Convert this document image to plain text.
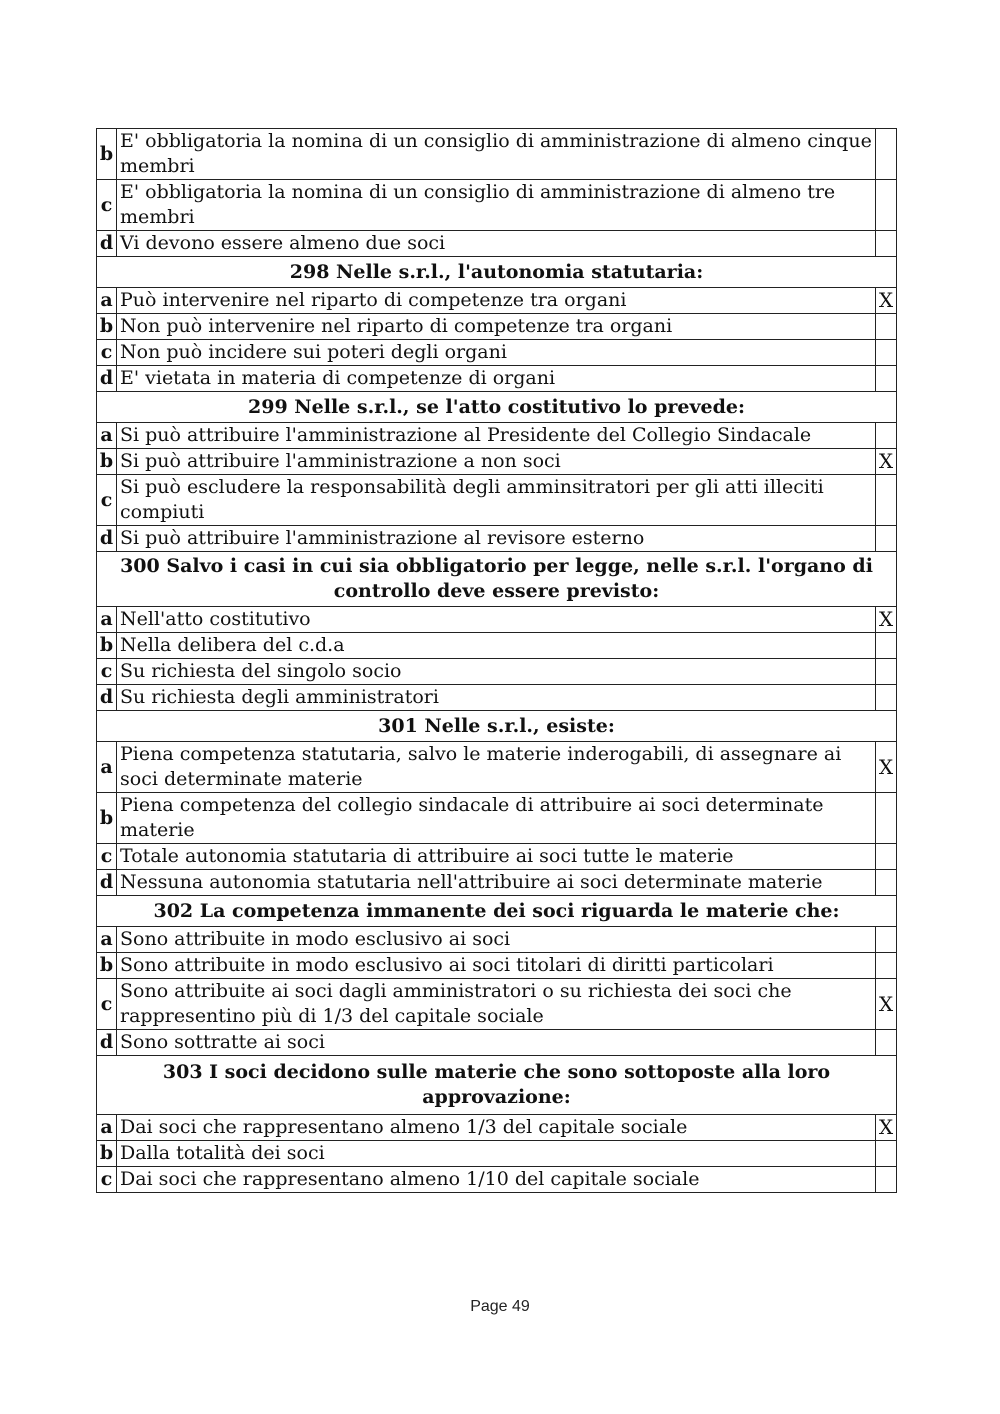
b	E' obbligatoria la nomina di un consiglio di amministrazione di almeno cinque membri	
c	E' obbligatoria la nomina di un consiglio di amministrazione di almeno tre membri	
d	Vi devono essere almeno due soci	
298 Nelle s.r.l., l'autonomia statutaria:		
a	Può intervenire nel riparto di competenze tra organi	X
b	Non può intervenire nel riparto di competenze tra organi	
c	Non può incidere sui poteri degli organi	
d	E' vietata in materia di competenze di organi	
299 Nelle s.r.l., se l'atto costitutivo lo prevede:		
a	Si può attribuire l'amministrazione al Presidente del Collegio Sindacale	
b	Si può attribuire l'amministrazione a non soci	X
c	Si può escludere la responsabilità degli amminsitratori per gli atti illeciti compiuti	
d	Si può attribuire l'amministrazione al revisore esterno	
300 Salvo i casi in cui sia obbligatorio per legge, nelle s.r.l. l'organo di controllo deve essere previsto:		
a	Nell'atto costitutivo	X
b	Nella delibera del c.d.a	
c	Su richiesta del singolo socio	
d	Su richiesta degli amministratori	
301 Nelle s.r.l., esiste:		
a	Piena competenza statutaria, salvo le materie inderogabili, di assegnare ai soci determinate materie	X
b	Piena competenza del collegio sindacale di attribuire ai soci determinate materie	
c	Totale autonomia statutaria di attribuire ai soci tutte le materie	
d	Nessuna autonomia statutaria nell'attribuire ai soci determinate materie	
302 La competenza immanente dei soci riguarda le materie che:		
a	Sono attribuite in modo esclusivo ai soci	
b	Sono attribuite in modo esclusivo ai soci titolari di diritti particolari	
c	Sono attribuite ai soci dagli amministratori o su richiesta dei soci che rappresentino più di 1/3 del capitale sociale	X
d	Sono sottratte ai soci	
303 I soci decidono sulle materie che sono sottoposte alla loro approvazione:		
a	Dai soci che rappresentano almeno 1/3 del capitale sociale	X
b	Dalla totalità dei soci	
c	Dai soci che rappresentano almeno 1/10 del capitale sociale	
Page 49
